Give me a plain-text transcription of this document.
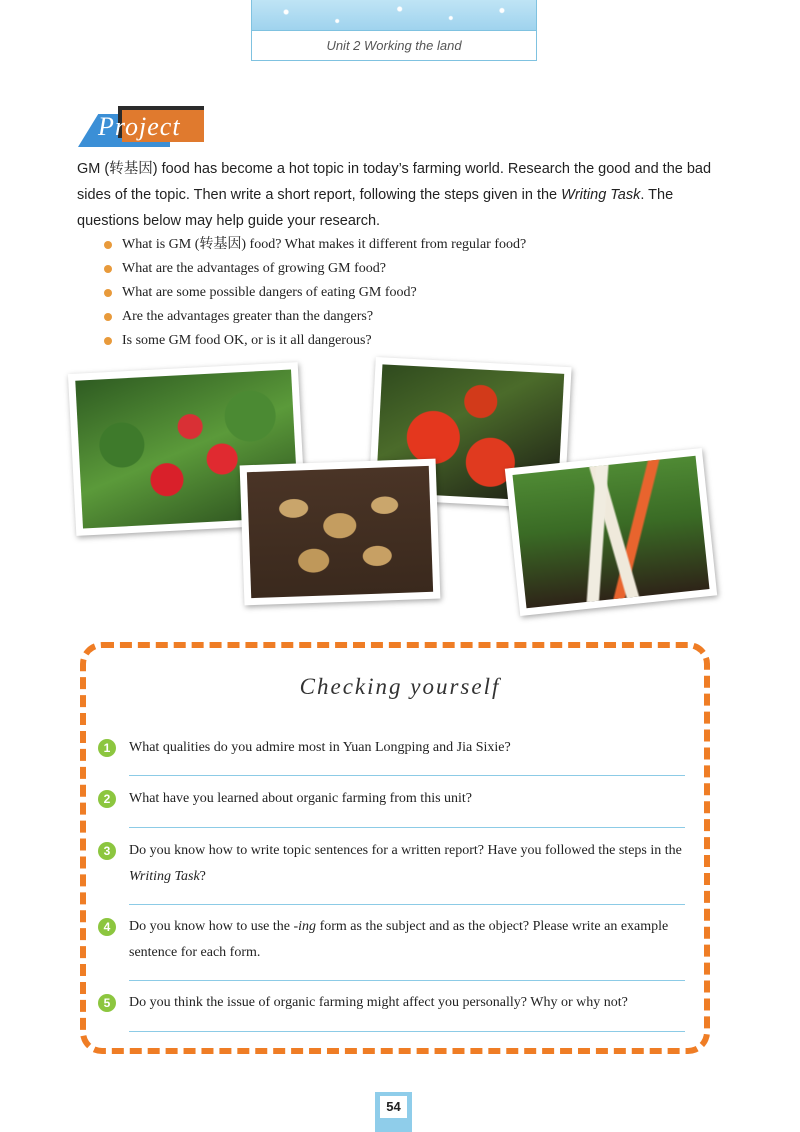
Unit 2 Working the land
Project
GM (转基因) food has become a hot topic in today’s farming world. Research the good and the bad sides of the topic. Then write a short report, following the steps given in the Writing Task. The questions below may help guide your research.
What is GM (转基因) food? What makes it different from regular food?
What are the advantages of growing GM food?
What are some possible dangers of eating GM food?
Are the advantages greater than the dangers?
Is some GM food OK, or is it all dangerous?
Checking yourself
1	What qualities do you admire most in Yuan Longping and Jia Sixie?
2	What have you learned about organic farming from this unit?
3	Do you know how to write topic sentences for a written report? Have you followed the steps in the Writing Task?
4	Do you know how to use the -ing form as the subject and as the object? Please write an example sentence for each form.
5	Do you think the issue of organic farming might affect you personally? Why or why not?
54
